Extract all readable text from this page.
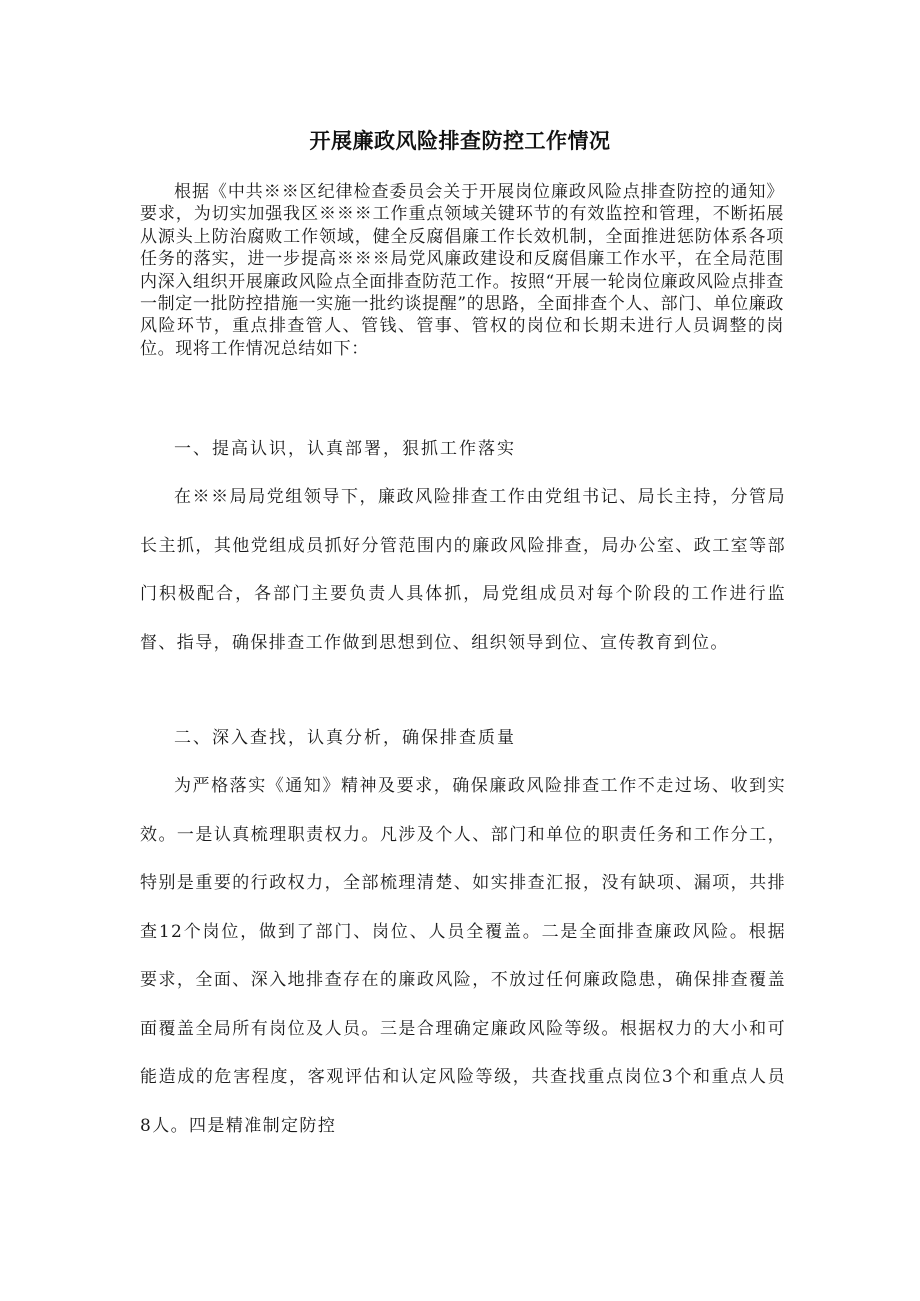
开展廉政风险排查防控工作情况

根据《中共※※区纪律检查委员会关于开展岗位廉政风险点排查防控的通知》要求，为切实加强我区※※※工作重点领域关键环节的有效监控和管理，不断拓展从源头上防治腐败工作领域，健全反腐倡廉工作长效机制，全面推进惩防体系各项任务的落实，进一步提高※※※局党风廉政建设和反腐倡廉工作水平，在全局范围内深入组织开展廉政风险点全面排查防范工作。按照“开展一轮岗位廉政风险点排查一制定一批防控措施一实施一批约谈提醒”的思路，全面排查个人、部门、单位廉政风险环节，重点排查管人、管钱、管事、管权的岗位和长期未进行人员调整的岗位。现将工作情况总结如下：

一、提高认识，认真部署，狠抓工作落实

在※※局局党组领导下，廉政风险排查工作由党组书记、局长主持，分管局长主抓，其他党组成员抓好分管范围内的廉政风险排查，局办公室、政工室等部门积极配合，各部门主要负责人具体抓，局党组成员对每个阶段的工作进行监督、指导，确保排查工作做到思想到位、组织领导到位、宣传教育到位。

二、深入查找，认真分析，确保排查质量

为严格落实《通知》精神及要求，确保廉政风险排查工作不走过场、收到实效。一是认真梳理职责权力。凡涉及个人、部门和单位的职责任务和工作分工，特别是重要的行政权力，全部梳理清楚、如实排查汇报，没有缺项、漏项，共排查12个岗位，做到了部门、岗位、人员全覆盖。二是全面排查廉政风险。根据要求，全面、深入地排查存在的廉政风险，不放过任何廉政隐患，确保排查覆盖面覆盖全局所有岗位及人员。三是合理确定廉政风险等级。根据权力的大小和可能造成的危害程度，客观评估和认定风险等级，共查找重点岗位3个和重点人员8人。四是精准制定防控
